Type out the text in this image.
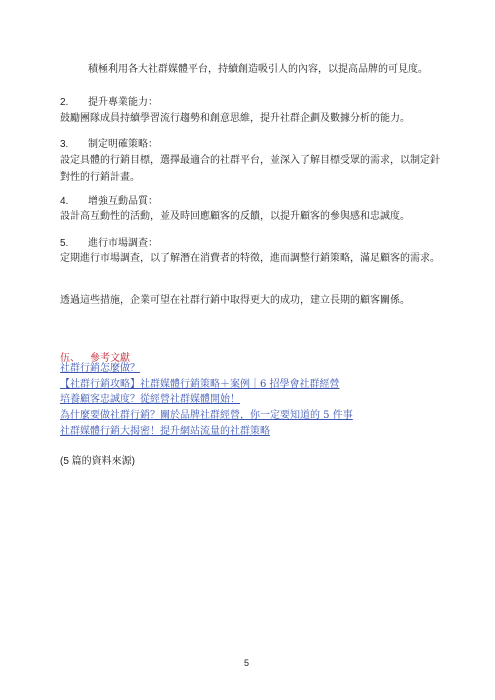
積極利用各大社群媒體平台，持續創造吸引人的內容，以提高品牌的可見度。
2. 提升專業能力：
鼓勵團隊成員持續學習流行趨勢和創意思維，提升社群企劃及數據分析的能力。
3. 制定明確策略：
設定具體的行銷目標，選擇最適合的社群平台，並深入了解目標受眾的需求，以制定針對性的行銷計畫。
4. 增強互動品質：
設計高互動性的活動，並及時回應顧客的反饋，以提升顧客的參與感和忠誠度。
5. 進行市場調查：
定期進行市場調查，以了解潛在消費者的特徵，進而調整行銷策略，滿足顧客的需求。
透過這些措施，企業可望在社群行銷中取得更大的成功，建立長期的顧客關係。
伍、 參考文獻
社群行銷怎麼做？
【社群行銷攻略】社群媒體行銷策略＋案例｜6 招學會社群經營
培養顧客忠誠度？從經營社群媒體開始！
為什麼要做社群行銷？關於品牌社群經營，你一定要知道的 5 件事
社群媒體行銷大揭密！提升網站流量的社群策略
(5 篇的資料來源)
5
